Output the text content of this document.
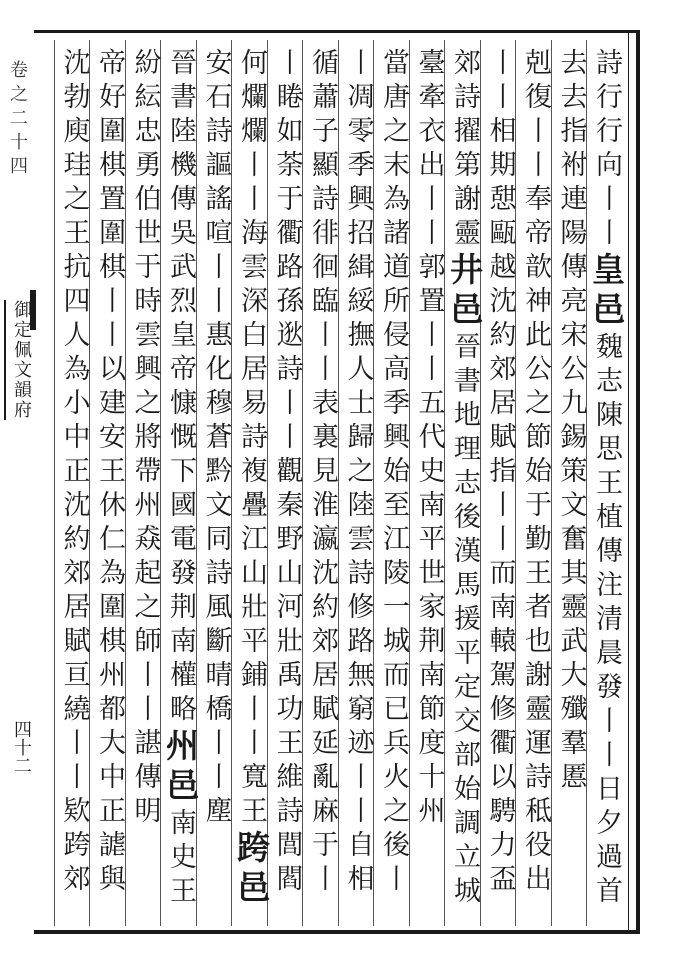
卷之二十四
御定佩文韻府
四十二
詩行行向丨丨皇邑魏志陳思王植傳注清晨發丨丨日夕過首
去去指袝連陽傳亮宋公九錫策文奮其靈武大殲羣慝
剋復丨丨奉帝歆神此公之節始于勤王者也謝靈運詩秪役出
丨丨相期憇甌越沈約郊居賦指丨丨而南轅駕修衢以騁力盃
郊詩擢第謝靈井邑晉書地理志後漢馬援平定交部始調立城
臺牽衣出丨丨郭置丨丨五代史南平世家荆南節度十州
當唐之末為諸道所侵高季興始至江陵一城而已兵火之後丨
丨凋零季興招緝綏撫人士歸之陸雲詩修路無窮迹丨丨自相
循蕭子顯詩徘徊臨丨丨表裏見淮瀛沈約郊居賦延亂麻于丨
丨睠如荼于衢路孫逖詩丨丨觀秦野山河壯禹功王維詩閭閻
何爛爛丨丨海雲深白居易詩複疊江山壯平鋪丨丨寬王跨邑
安石詩謳謠喧丨丨惠化穆蒼黔文同詩風斷晴橋丨丨塵
晉書陸機傳吳武烈皇帝慷慨下國電發荆南權略州邑南史王
紛紜忠勇伯世于時雲興之將帶州猋起之師丨丨諶傳明
帝好圍棋置圍棋丨丨以建安王休仁為圍棋州都大中正謔與
沈勃庾珪之王抗四人為小中正沈約郊居賦亘繞丨丨欵跨郊
